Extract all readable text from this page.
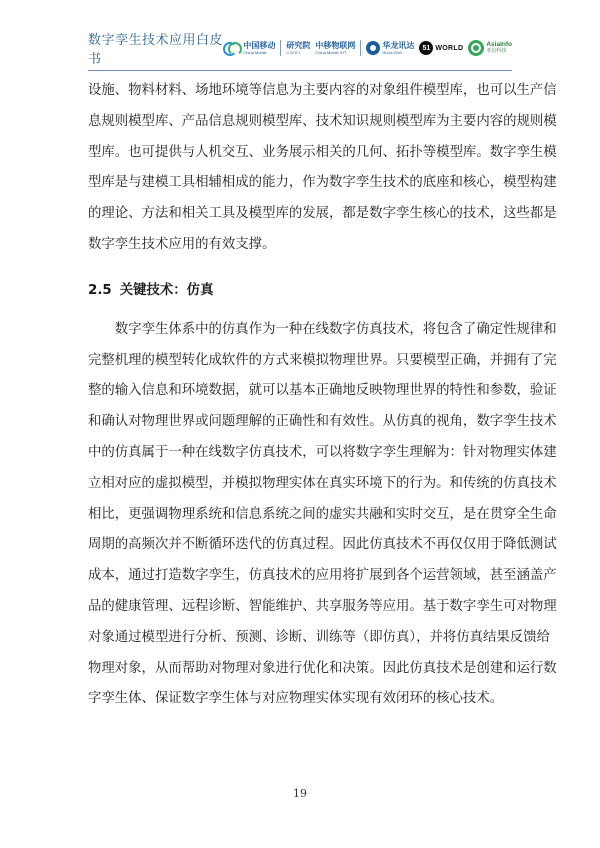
数字孪生技术应用白皮书
中国移动
China Mobile
研究院
C M R I
中移物联网
China Mobile IOT
华龙讯达
HUALONG
51 WORLD
AsiaInfo
亚信科技

设施、物料材料、场地环境等信息为主要内容的对象组件模型库，也可以生产信
息规则模型库、产品信息规则模型库、技术知识规则模型库为主要内容的规则模
型库。也可提供与人机交互、业务展示相关的几何、拓扑等模型库。数字孪生模
型库是与建模工具相辅相成的能力，作为数字孪生技术的底座和核心，模型构建
的理论、方法和相关工具及模型库的发展，都是数字孪生核心的技术，这些都是
数字孪生技术应用的有效支撑。

2.5 关键技术：仿真

数字孪生体系中的仿真作为一种在线数字仿真技术，将包含了确定性规律和
完整机理的模型转化成软件的方式来模拟物理世界。只要模型正确，并拥有了完
整的输入信息和环境数据，就可以基本正确地反映物理世界的特性和参数，验证
和确认对物理世界或问题理解的正确性和有效性。从仿真的视角，数字孪生技术
中的仿真属于一种在线数字仿真技术，可以将数字孪生理解为：针对物理实体建
立相对应的虚拟模型，并模拟物理实体在真实环境下的行为。和传统的仿真技术
相比，更强调物理系统和信息系统之间的虚实共融和实时交互，是在贯穿全生命
周期的高频次并不断循环迭代的仿真过程。因此仿真技术不再仅仅用于降低测试
成本，通过打造数字孪生，仿真技术的应用将扩展到各个运营领域，甚至涵盖产
品的健康管理、远程诊断、智能维护、共享服务等应用。基于数字孪生可对物理
对象通过模型进行分析、预测、诊断、训练等（即仿真），并将仿真结果反馈给
物理对象，从而帮助对物理对象进行优化和决策。因此仿真技术是创建和运行数
字孪生体、保证数字孪生体与对应物理实体实现有效闭环的核心技术。

19
